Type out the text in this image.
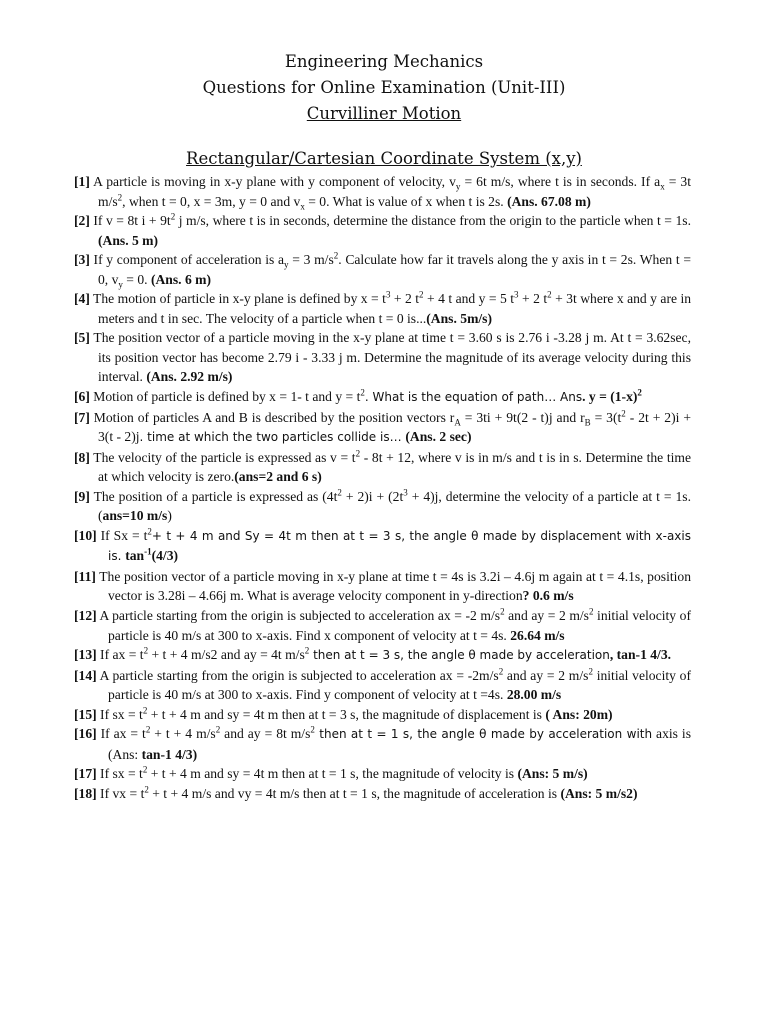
Engineering Mechanics
Questions for Online Examination (Unit-III)
Curvilliner Motion
Rectangular/Cartesian Coordinate System (x,y)

[1] A particle is moving in x-y plane with y component of velocity, $v_y = 6t$ m/s, where t is in seconds. If $a_x = 3t$ $m/s^2$, when t = 0, x = 3m, y = 0 and $v_x = 0$. What is value of x when t is 2s. (Ans. 67.08 m)

[2] If v = 8t $i + 9t^2$ j m/s, where t is in seconds, determine the distance from the origin to the particle when t = 1s. (Ans. 5 m)

[3] If y component of acceleration is $a_y = 3$ $m/s^2$. Calculate how far it travels along the y axis in t = 2s. When t = 0, $v_y = 0$. (Ans. 6 m)

[4] The motion of particle in x-y plane is defined by $x = t^3 + 2$ $t^2 + 4$ t and y = 5 $t^3 + 2$ $t^2 + 3t$ where x and y are in meters and t in sec. The velocity of a particle when t = 0 is...(Ans. 5m/s)

[5] The position vector of a particle moving in the x-y plane at time t = 3.60 s is 2.76 i -3.28 j m. At t = 3.62sec, its position vector has become 2.79 i - 3.33 j m. Determine the magnitude of its average velocity during this interval. (Ans. 2.92 m/s)

[6] Motion of particle is defined by x = 1- t and $y = t^2$. What is the equation of path… Ans. $y = (1-x)^2$

[7] Motion of particles A and B is described by the position vectors $r_A = 3ti + 9t(2 - t)j$ and $r_B = 3(t^2 - 2t + 2)i + 3(t - 2)j$. time at which the two particles collide is… (Ans. 2 sec)

[8] The velocity of the particle is expressed as $v = t^2 - 8t + 12$, where v is in m/s and t is in s. Determine the time at which velocity is zero.(ans=2 and 6 s)

[9] The position of a particle is expressed as $(4t^2 + 2)i + (2t^3 + 4)j$, determine the velocity of a particle at t = 1s.(ans=10 m/s)

[10] If $Sx = t^2+ t + 4$ m and Sy = 4t m then at t = 3 s, the angle θ made by displacement with x-axis is. $\tan^{-1}(4/3)$

[11] The position vector of a particle moving in x-y plane at time t = 4s is 3.2i – 4.6j m again at t = 4.1s, position vector is 3.28i – 4.66j m. What is average velocity component in y-direction? 0.6 m/s

[12] A particle starting from the origin is subjected to acceleration ax = -2 $m/s^2$ and ay = 2 $m/s^2$ initial velocity of particle is 40 m/s at 300 to x-axis. Find x component of velocity at t = 4s. 26.64 m/s

[13] If ax = $t^2 + t + 4$ m/s2 and ay = 4t $m/s^2$ then at t = 3 s, the angle θ made by acceleration, tan-1 4/3.

[14] A particle starting from the origin is subjected to acceleration ax = $-2m/s^2$ and ay = 2 $m/s^2$ initial velocity of particle is 40 m/s at 300 to x-axis. Find y component of velocity at t =4s. 28.00 m/s

[15] If sx = $t^2 + t + 4$ m and sy = 4t m then at t = 3 s, the magnitude of displacement is ( Ans: 20m)

[16] If ax = $t^2 + t + 4$ $m/s^2$ and ay = 8t $m/s^2$ then at t = 1 s, the angle θ made by acceleration with axis is (Ans: tan-1 4/3)

[17] If sx = $t^2 + t + 4$ m and sy = 4t m then at t = 1 s, the magnitude of velocity is (Ans: 5 m/s)

[18] If vx = $t^2 + t + 4$ m/s and vy = 4t m/s then at t = 1 s, the magnitude of acceleration is (Ans: 5 m/s2)
